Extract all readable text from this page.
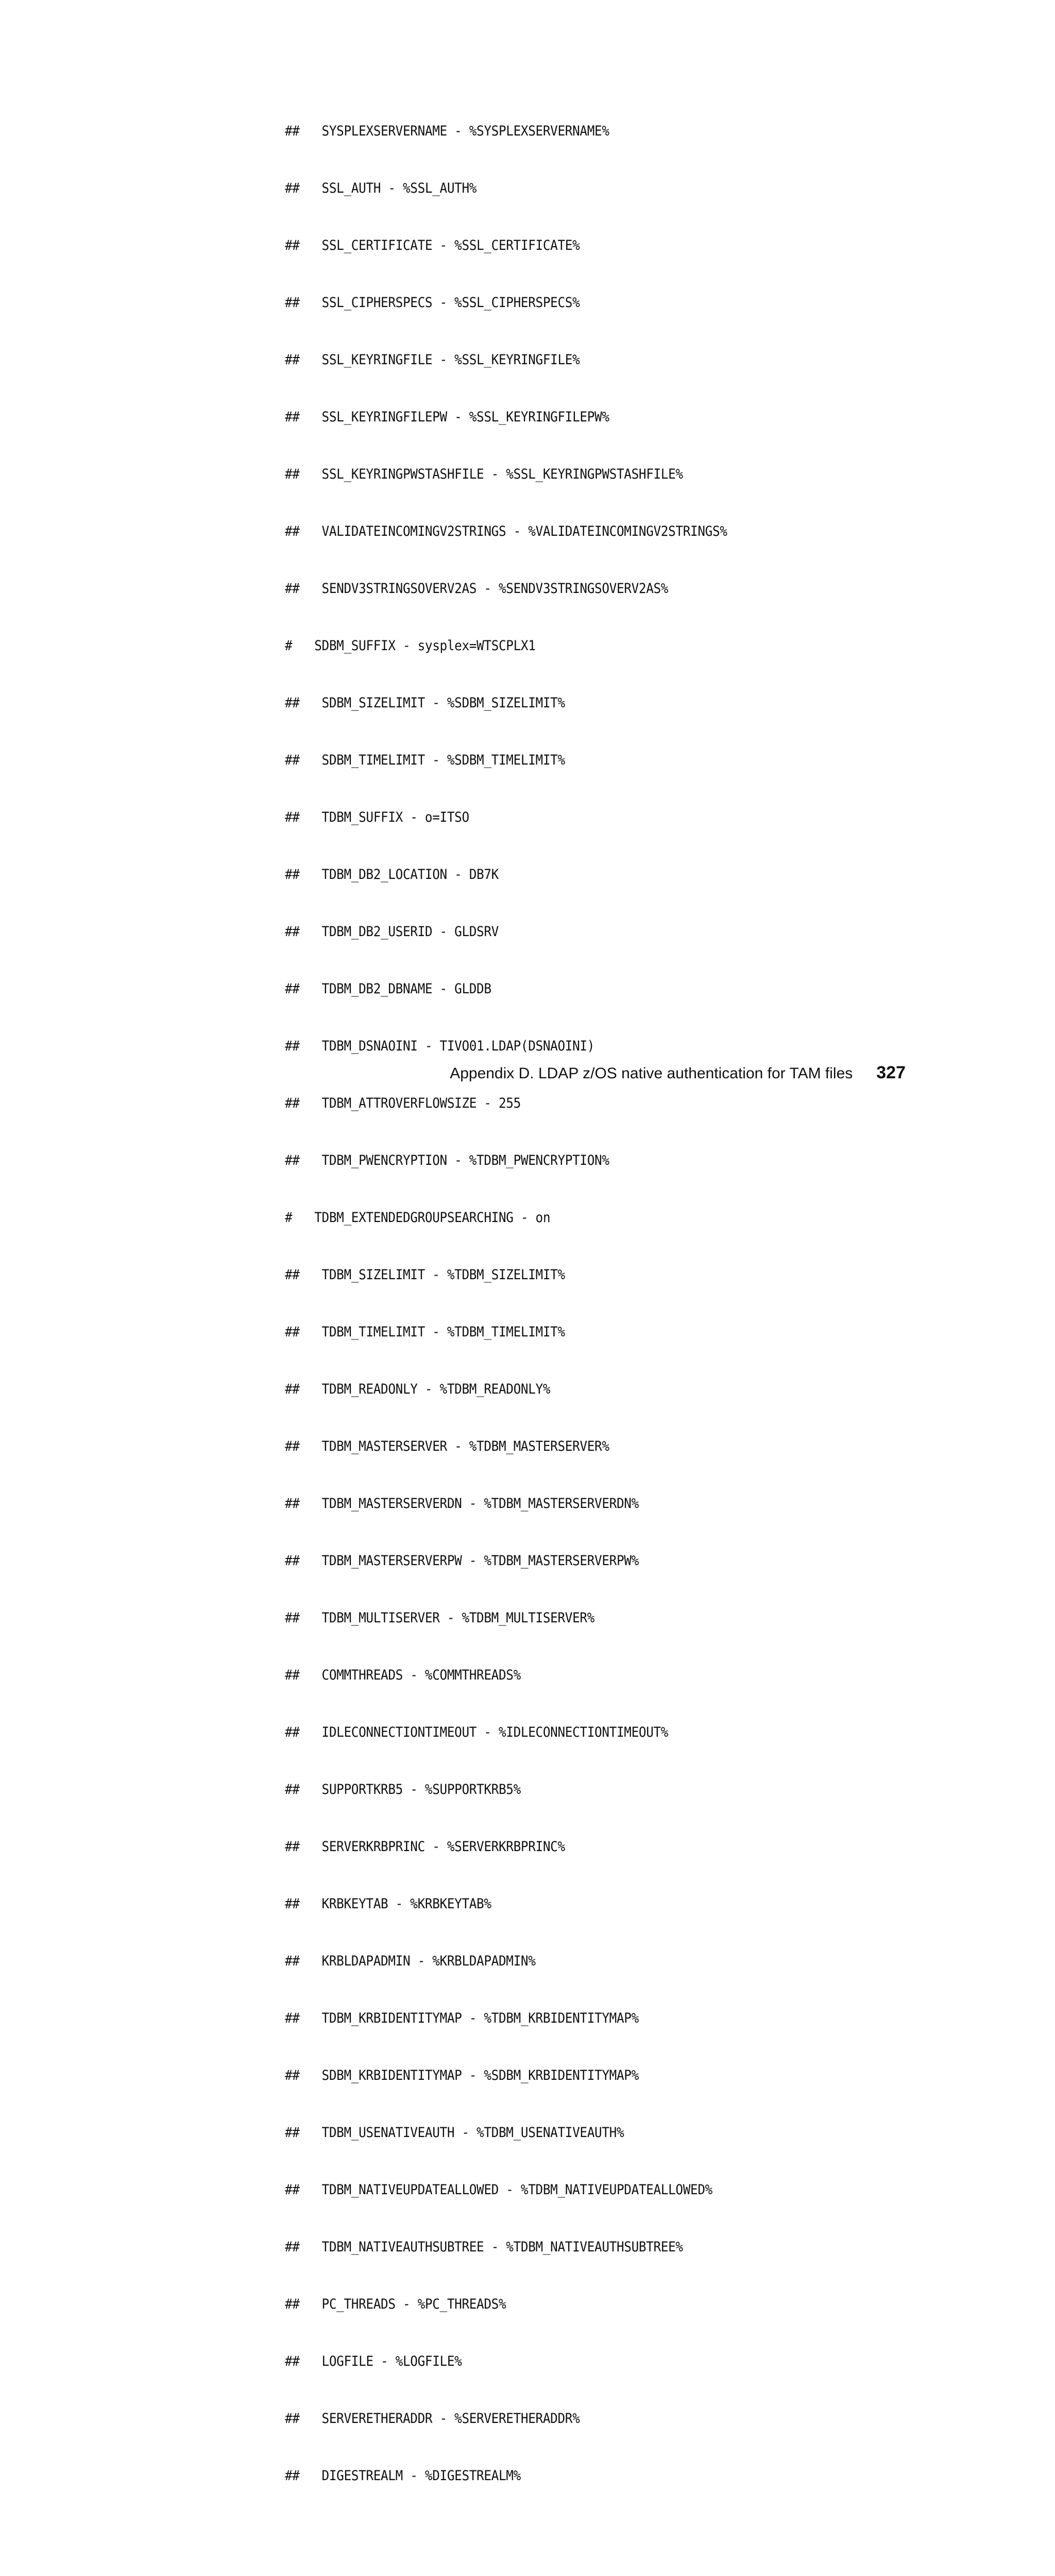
##   SYSPLEXSERVERNAME - %SYSPLEXSERVERNAME%

##   SSL_AUTH - %SSL_AUTH%

##   SSL_CERTIFICATE - %SSL_CERTIFICATE%

##   SSL_CIPHERSPECS - %SSL_CIPHERSPECS%

##   SSL_KEYRINGFILE - %SSL_KEYRINGFILE%

##   SSL_KEYRINGFILEPW - %SSL_KEYRINGFILEPW%

##   SSL_KEYRINGPWSTASHFILE - %SSL_KEYRINGPWSTASHFILE%

##   VALIDATEINCOMINGV2STRINGS - %VALIDATEINCOMINGV2STRINGS%

##   SENDV3STRINGSOVERV2AS - %SENDV3STRINGSOVERV2AS%

#   SDBM_SUFFIX - sysplex=WTSCPLX1

##   SDBM_SIZELIMIT - %SDBM_SIZELIMIT%

##   SDBM_TIMELIMIT - %SDBM_TIMELIMIT%

##   TDBM_SUFFIX - o=ITSO

##   TDBM_DB2_LOCATION - DB7K

##   TDBM_DB2_USERID - GLDSRV

##   TDBM_DB2_DBNAME - GLDDB

##   TDBM_DSNAOINI - TIVO01.LDAP(DSNAOINI)

##   TDBM_ATTROVERFLOWSIZE - 255

##   TDBM_PWENCRYPTION - %TDBM_PWENCRYPTION%

#   TDBM_EXTENDEDGROUPSEARCHING - on

##   TDBM_SIZELIMIT - %TDBM_SIZELIMIT%

##   TDBM_TIMELIMIT - %TDBM_TIMELIMIT%

##   TDBM_READONLY - %TDBM_READONLY%

##   TDBM_MASTERSERVER - %TDBM_MASTERSERVER%

##   TDBM_MASTERSERVERDN - %TDBM_MASTERSERVERDN%

##   TDBM_MASTERSERVERPW - %TDBM_MASTERSERVERPW%

##   TDBM_MULTISERVER - %TDBM_MULTISERVER%

##   COMMTHREADS - %COMMTHREADS%

##   IDLECONNECTIONTIMEOUT - %IDLECONNECTIONTIMEOUT%

##   SUPPORTKRB5 - %SUPPORTKRB5%

##   SERVERKRBPRINC - %SERVERKRBPRINC%

##   KRBKEYTAB - %KRBKEYTAB%

##   KRBLDAPADMIN - %KRBLDAPADMIN%

##   TDBM_KRBIDENTITYMAP - %TDBM_KRBIDENTITYMAP%

##   SDBM_KRBIDENTITYMAP - %SDBM_KRBIDENTITYMAP%

##   TDBM_USENATIVEAUTH - %TDBM_USENATIVEAUTH%

##   TDBM_NATIVEUPDATEALLOWED - %TDBM_NATIVEUPDATEALLOWED%

##   TDBM_NATIVEAUTHSUBTREE - %TDBM_NATIVEAUTHSUBTREE%

##   PC_THREADS - %PC_THREADS%

##   LOGFILE - %LOGFILE%

##   SERVERETHERADDR - %SERVERETHERADDR%

##   DIGESTREALM - %DIGESTREALM%

Appendix D. LDAP z/OS native authentication for TAM files 327
